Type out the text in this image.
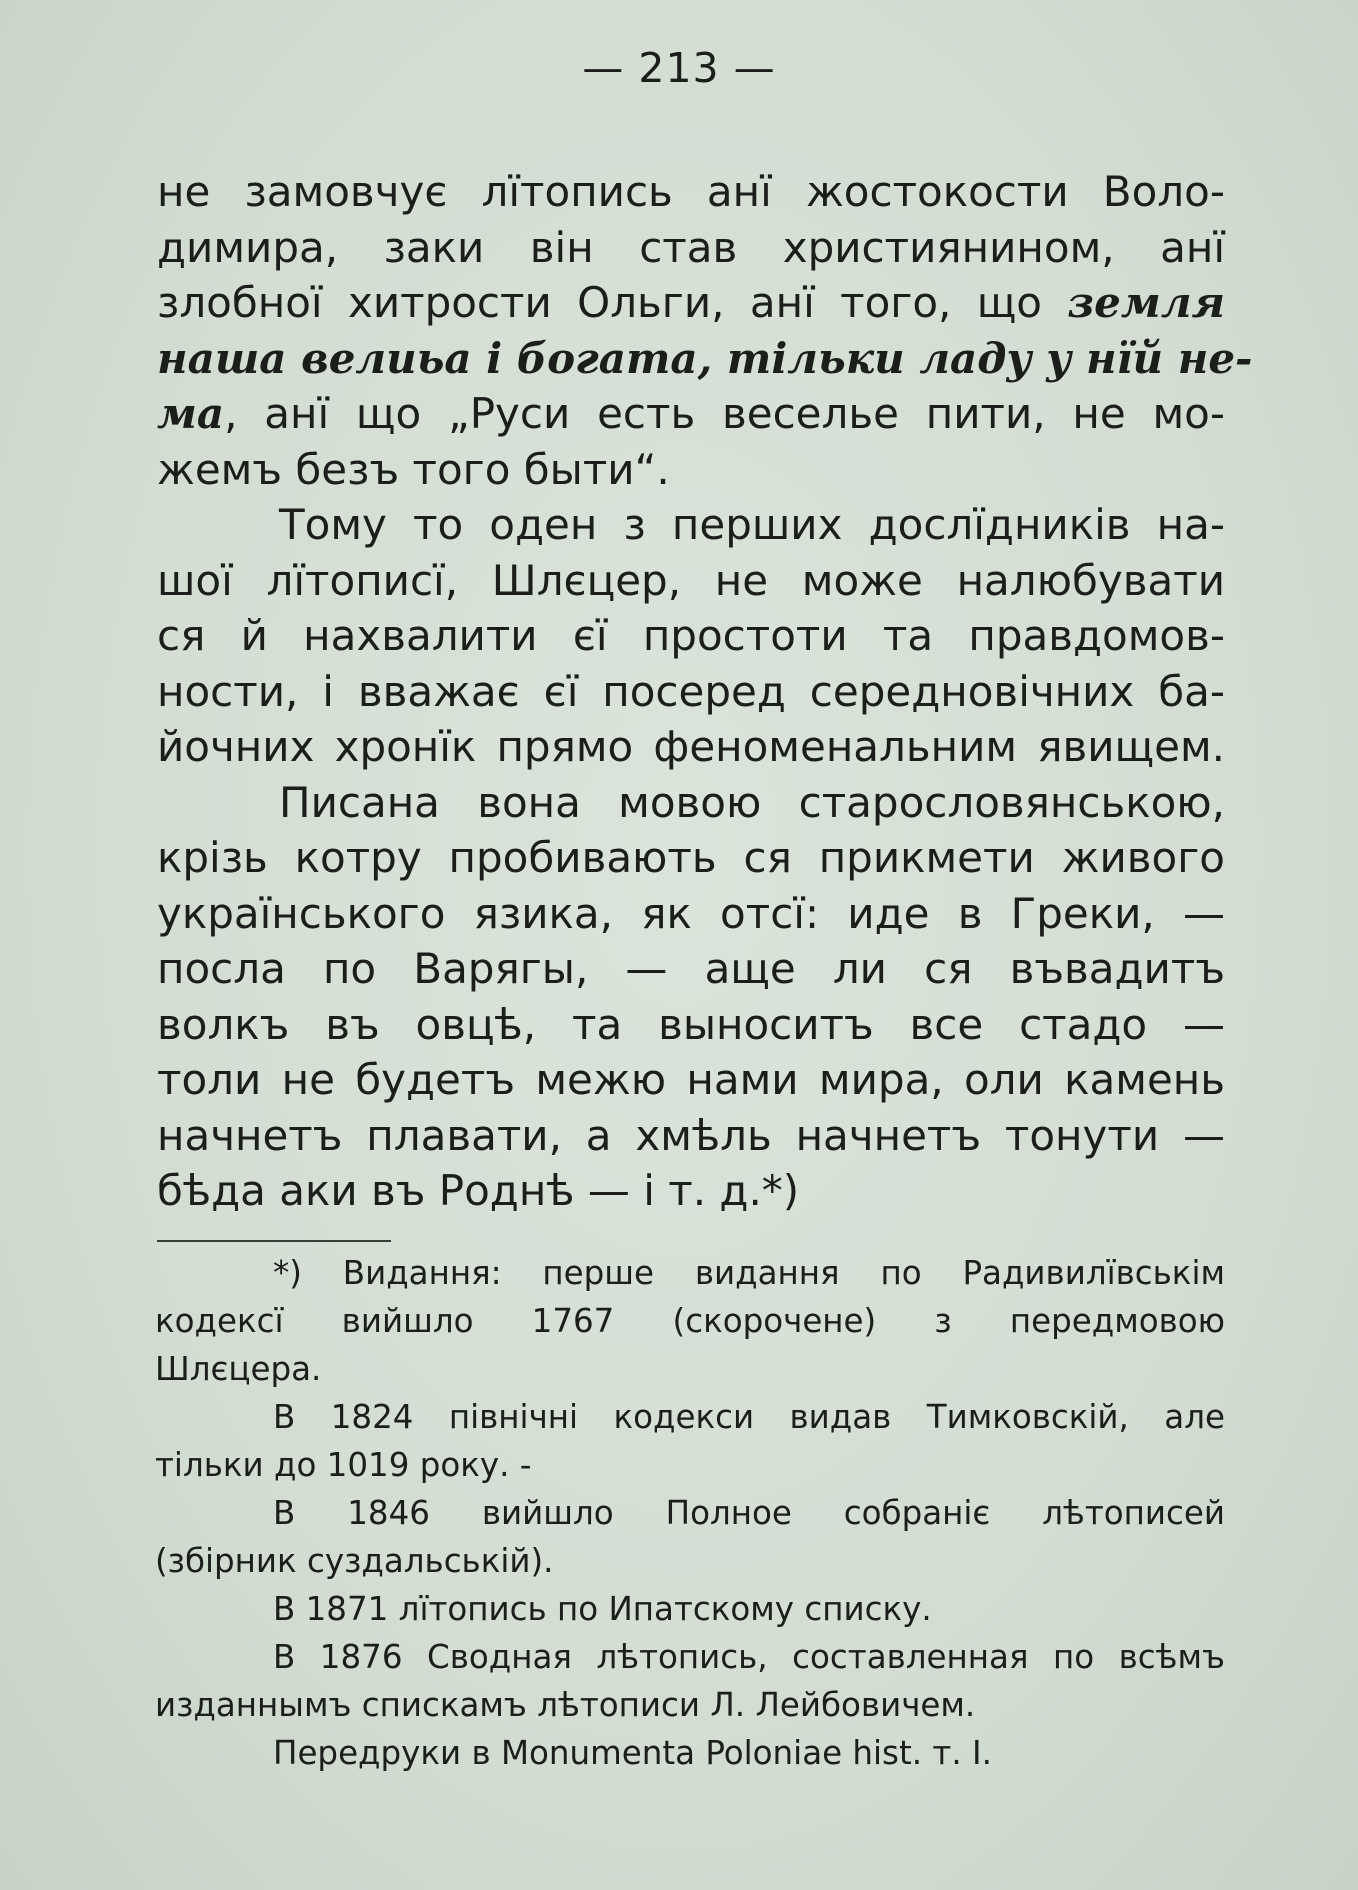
— 213 —
не замовчує лїтопись анї жостокости Воло-
димира, заки він став християнином, анї
злобної хитрости Ольги, анї того, що земля
наша велиьа і богата, тільки ладу у нїй не-
ма, анї що „Руси есть веселье пити, не мо-
жемъ безъ того быти“.
Тому то оден з перших дослїдників на-
шої лїтописї, Шлєцер, не може налюбувати
ся й нахвалити єї простоти та правдомов-
ности, і вважає єї посеред середновічних ба-
йочних хронїк прямо феноменальним явищем.
Писана вона мовою старословянською,
крізь котру пробивають ся прикмети живого
українського язика, як отсї: иде в Греки, —
посла по Варягы, — аще ли ся въвадитъ
волкъ въ овцѣ, та выноситъ все стадо —
толи не будетъ межю нами мира, оли камень
начнетъ плавати, а хмѣль начнетъ тонути —
бѣда аки въ Роднѣ — і т. д.*)
*) Видання: перше видання по Радивилївськім
кодексї вийшло 1767 (скорочене) з передмовою
Шлєцера.
В 1824 північні кодекси видав Тимковскій, але
тільки до 1019 року. -
В 1846 вийшло Полное собраніє лѣтописей
(збірник суздальській).
В 1871 лїтопись по Ипатскому списку.
В 1876 Сводная лѣтопись, составленная по всѣмъ
изданнымъ спискамъ лѣтописи Л. Лейбовичем.
Передруки в Monumenta Poloniae hist. т. I.
